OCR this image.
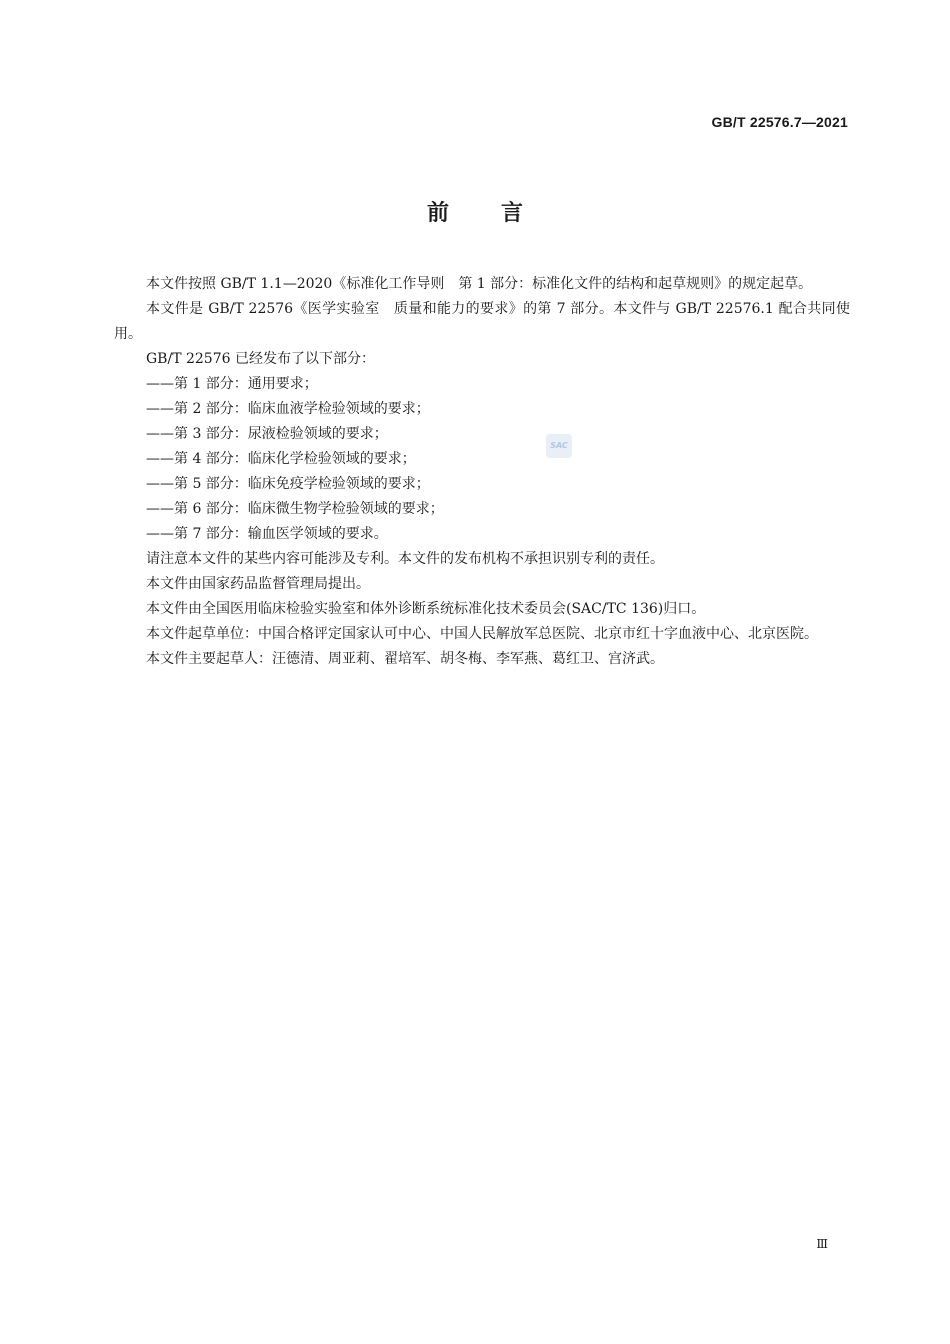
GB/T 22576.7—2021
前言
SAC

本文件按照 GB/T 1.1—2020《标准化工作导则　第 1 部分：标准化文件的结构和起草规则》的规定起草。

本文件是 GB/T 22576《医学实验室　质量和能力的要求》的第 7 部分。本文件与 GB/T 22576.1 配合共同使用。

GB/T 22576 已经发布了以下部分：

——第 1 部分：通用要求；

——第 2 部分：临床血液学检验领域的要求；

——第 3 部分：尿液检验领域的要求；

——第 4 部分：临床化学检验领域的要求；

——第 5 部分：临床免疫学检验领域的要求；

——第 6 部分：临床微生物学检验领域的要求；

——第 7 部分：输血医学领域的要求。

请注意本文件的某些内容可能涉及专利。本文件的发布机构不承担识别专利的责任。

本文件由国家药品监督管理局提出。

本文件由全国医用临床检验实验室和体外诊断系统标准化技术委员会(SAC/TC 136)归口。

本文件起草单位：中国合格评定国家认可中心、中国人民解放军总医院、北京市红十字血液中心、北京医院。

本文件主要起草人：汪德清、周亚莉、翟培军、胡冬梅、李军燕、葛红卫、宫济武。

Ⅲ
